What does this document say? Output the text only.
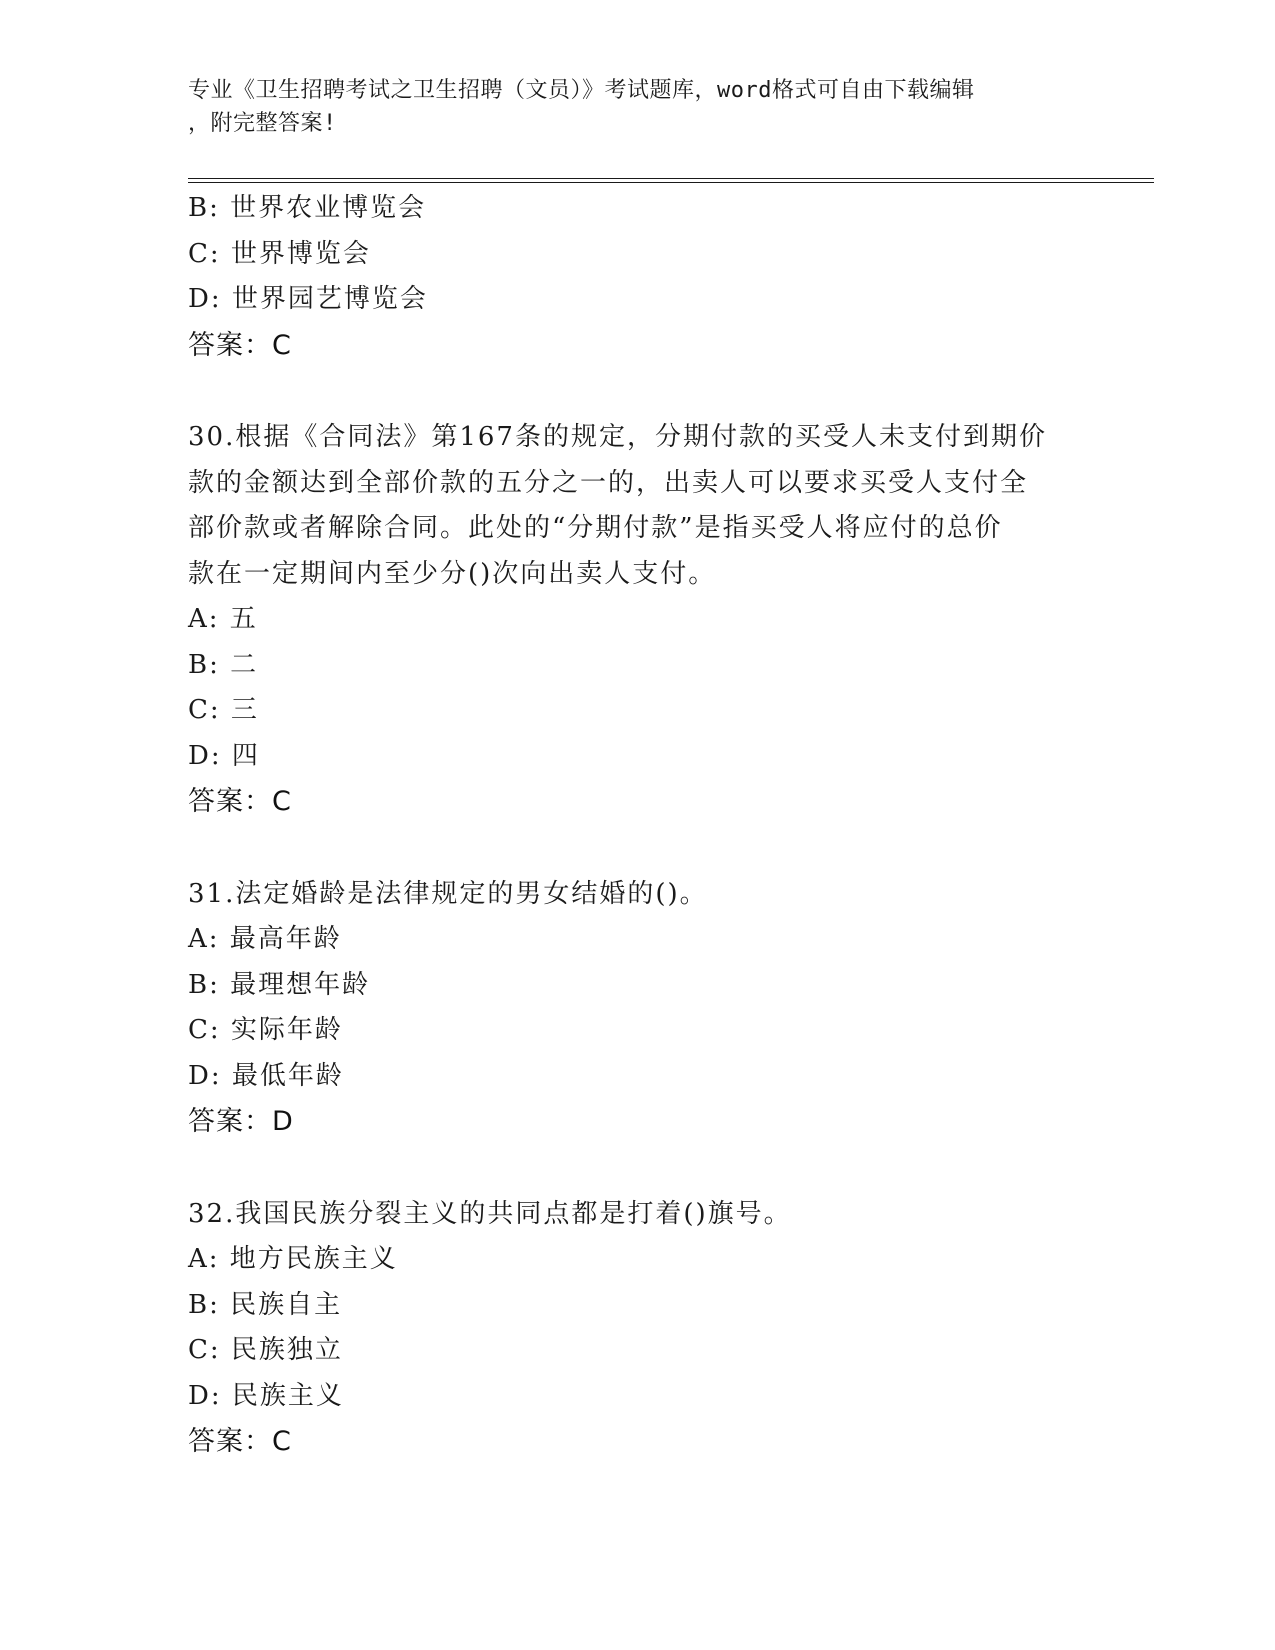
专业《卫生招聘考试之卫生招聘（文员）》考试题库，word格式可自由下载编辑
，附完整答案!
B: 世界农业博览会
C: 世界博览会
D: 世界园艺博览会
答案：C
30.根据《合同法》第167条的规定，分期付款的买受人未支付到期价
款的金额达到全部价款的五分之一的，出卖人可以要求买受人支付全
部价款或者解除合同。此处的“分期付款”是指买受人将应付的总价
款在一定期间内至少分()次向出卖人支付。
A: 五
B: 二
C: 三
D: 四
答案：C
31.法定婚龄是法律规定的男女结婚的()。
A: 最高年龄
B: 最理想年龄
C: 实际年龄
D: 最低年龄
答案：D
32.我国民族分裂主义的共同点都是打着()旗号。
A: 地方民族主义
B: 民族自主
C: 民族独立
D: 民族主义
答案：C
